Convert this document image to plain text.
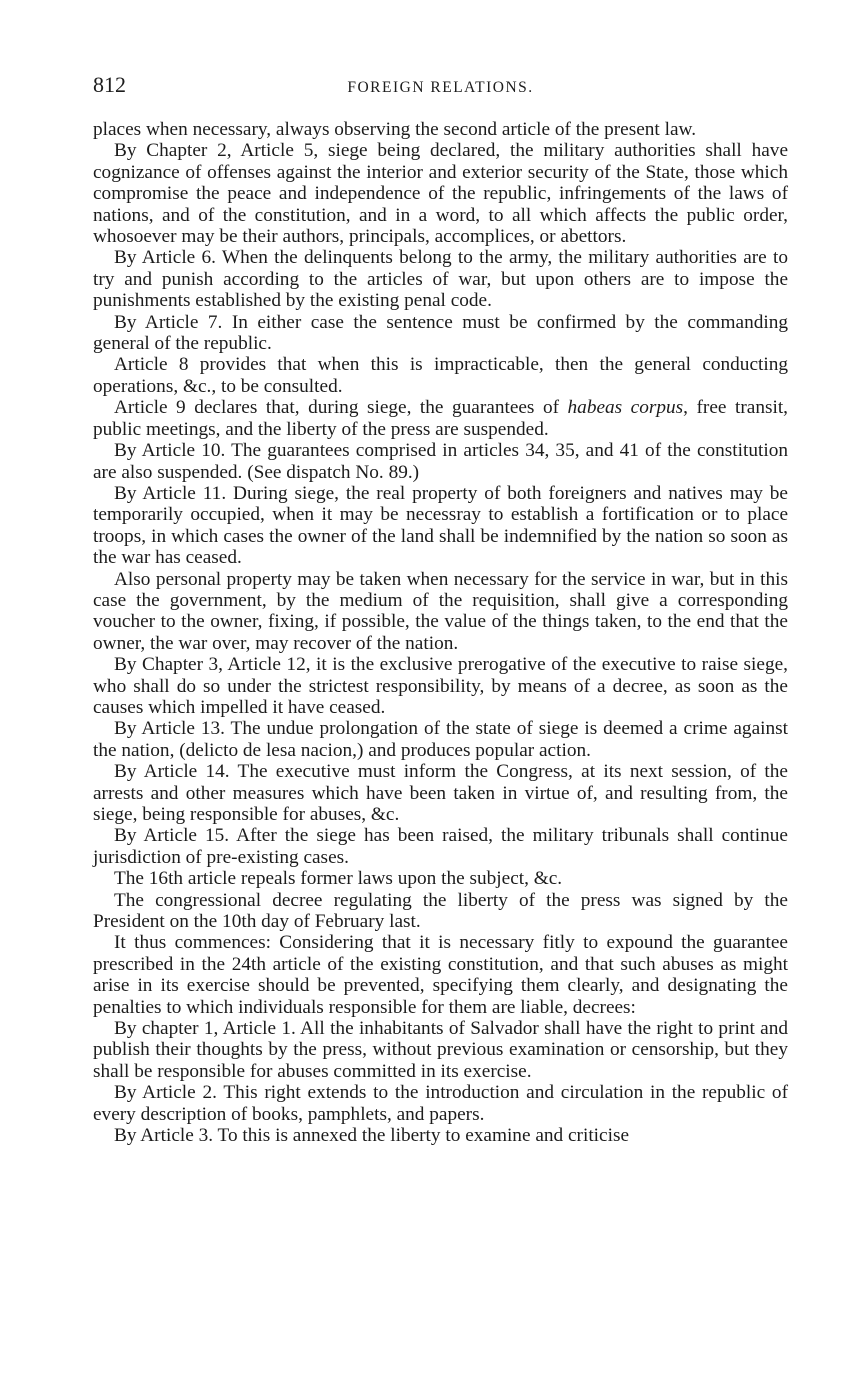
812	FOREIGN RELATIONS.

places when necessary, always observing the second article of the present law.

By Chapter 2, Article 5, siege being declared, the military authorities shall have cognizance of offenses against the interior and exterior security of the State, those which compromise the peace and independence of the republic, infringements of the laws of nations, and of the constitution, and in a word, to all which affects the public order, whosoever may be their authors, principals, accomplices, or abettors.

By Article 6. When the delinquents belong to the army, the military authorities are to try and punish according to the articles of war, but upon others are to impose the punishments established by the existing penal code.

By Article 7. In either case the sentence must be confirmed by the commanding general of the republic.

Article 8 provides that when this is impracticable, then the general conducting operations, &c., to be consulted.

Article 9 declares that, during siege, the guarantees of habeas corpus, free transit, public meetings, and the liberty of the press are suspended.

By Article 10. The guarantees comprised in articles 34, 35, and 41 of the constitution are also suspended. (See dispatch No. 89.)

By Article 11. During siege, the real property of both foreigners and natives may be temporarily occupied, when it may be necessray to establish a fortification or to place troops, in which cases the owner of the land shall be indemnified by the nation so soon as the war has ceased.

Also personal property may be taken when necessary for the service in war, but in this case the government, by the medium of the requisition, shall give a corresponding voucher to the owner, fixing, if possible, the value of the things taken, to the end that the owner, the war over, may recover of the nation.

By Chapter 3, Article 12, it is the exclusive prerogative of the executive to raise siege, who shall do so under the strictest responsibility, by means of a decree, as soon as the causes which impelled it have ceased.

By Article 13. The undue prolongation of the state of siege is deemed a crime against the nation, (delicto de lesa nacion,) and produces popular action.

By Article 14. The executive must inform the Congress, at its next session, of the arrests and other measures which have been taken in virtue of, and resulting from, the siege, being responsible for abuses, &c.

By Article 15. After the siege has been raised, the military tribunals shall continue jurisdiction of pre-existing cases.

The 16th article repeals former laws upon the subject, &c.

The congressional decree regulating the liberty of the press was signed by the President on the 10th day of February last.

It thus commences: Considering that it is necessary fitly to expound the guarantee prescribed in the 24th article of the existing constitution, and that such abuses as might arise in its exercise should be prevented, specifying them clearly, and designating the penalties to which individuals responsible for them are liable, decrees:

By chapter 1, Article 1. All the inhabitants of Salvador shall have the right to print and publish their thoughts by the press, without previous examination or censorship, but they shall be responsible for abuses committed in its exercise.

By Article 2. This right extends to the introduction and circulation in the republic of every description of books, pamphlets, and papers.

By Article 3. To this is annexed the liberty to examine and criticise
